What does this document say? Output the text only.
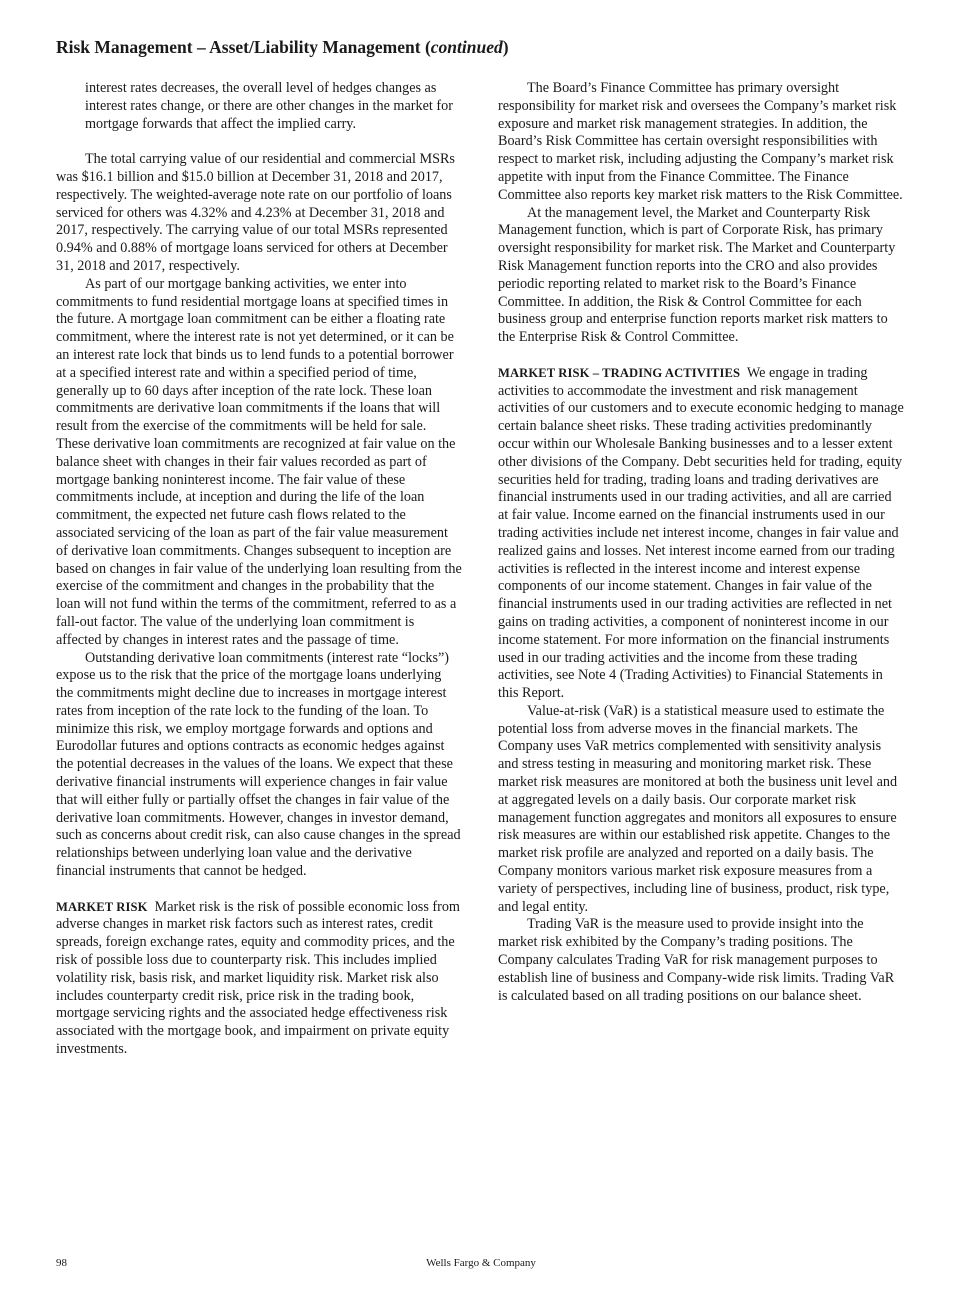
Risk Management – Asset/Liability Management (continued)

interest rates decreases, the overall level of hedges changes as interest rates change, or there are other changes in the market for mortgage forwards that affect the implied carry.

The total carrying value of our residential and commercial MSRs was $16.1 billion and $15.0 billion at December 31, 2018 and 2017, respectively. The weighted-average note rate on our portfolio of loans serviced for others was 4.32% and 4.23% at December 31, 2018 and 2017, respectively. The carrying value of our total MSRs represented 0.94% and 0.88% of mortgage loans serviced for others at December 31, 2018 and 2017, respectively.

As part of our mortgage banking activities, we enter into commitments to fund residential mortgage loans at specified times in the future. A mortgage loan commitment can be either a floating rate commitment, where the interest rate is not yet determined, or it can be an interest rate lock that binds us to lend funds to a potential borrower at a specified interest rate and within a specified period of time, generally up to 60 days after inception of the rate lock. These loan commitments are derivative loan commitments if the loans that will result from the exercise of the commitments will be held for sale. These derivative loan commitments are recognized at fair value on the balance sheet with changes in their fair values recorded as part of mortgage banking noninterest income. The fair value of these commitments include, at inception and during the life of the loan commitment, the expected net future cash flows related to the associated servicing of the loan as part of the fair value measurement of derivative loan commitments. Changes subsequent to inception are based on changes in fair value of the underlying loan resulting from the exercise of the commitment and changes in the probability that the loan will not fund within the terms of the commitment, referred to as a fall-out factor. The value of the underlying loan commitment is affected by changes in interest rates and the passage of time.

Outstanding derivative loan commitments (interest rate “locks”) expose us to the risk that the price of the mortgage loans underlying the commitments might decline due to increases in mortgage interest rates from inception of the rate lock to the funding of the loan. To minimize this risk, we employ mortgage forwards and options and Eurodollar futures and options contracts as economic hedges against the potential decreases in the values of the loans. We expect that these derivative financial instruments will experience changes in fair value that will either fully or partially offset the changes in fair value of the derivative loan commitments. However, changes in investor demand, such as concerns about credit risk, can also cause changes in the spread relationships between underlying loan value and the derivative financial instruments that cannot be hedged.

MARKET RISK Market risk is the risk of possible economic loss from adverse changes in market risk factors such as interest rates, credit spreads, foreign exchange rates, equity and commodity prices, and the risk of possible loss due to counterparty risk. This includes implied volatility risk, basis risk, and market liquidity risk. Market risk also includes counterparty credit risk, price risk in the trading book, mortgage servicing rights and the associated hedge effectiveness risk associated with the mortgage book, and impairment on private equity investments.

The Board’s Finance Committee has primary oversight responsibility for market risk and oversees the Company’s market risk exposure and market risk management strategies. In addition, the Board’s Risk Committee has certain oversight responsibilities with respect to market risk, including adjusting the Company’s market risk appetite with input from the Finance Committee. The Finance Committee also reports key market risk matters to the Risk Committee.

At the management level, the Market and Counterparty Risk Management function, which is part of Corporate Risk, has primary oversight responsibility for market risk. The Market and Counterparty Risk Management function reports into the CRO and also provides periodic reporting related to market risk to the Board’s Finance Committee. In addition, the Risk & Control Committee for each business group and enterprise function reports market risk matters to the Enterprise Risk & Control Committee.

MARKET RISK – TRADING ACTIVITIES We engage in trading activities to accommodate the investment and risk management activities of our customers and to execute economic hedging to manage certain balance sheet risks. These trading activities predominantly occur within our Wholesale Banking businesses and to a lesser extent other divisions of the Company. Debt securities held for trading, equity securities held for trading, trading loans and trading derivatives are financial instruments used in our trading activities, and all are carried at fair value. Income earned on the financial instruments used in our trading activities include net interest income, changes in fair value and realized gains and losses. Net interest income earned from our trading activities is reflected in the interest income and interest expense components of our income statement. Changes in fair value of the financial instruments used in our trading activities are reflected in net gains on trading activities, a component of noninterest income in our income statement. For more information on the financial instruments used in our trading activities and the income from these trading activities, see Note 4 (Trading Activities) to Financial Statements in this Report.

Value-at-risk (VaR) is a statistical measure used to estimate the potential loss from adverse moves in the financial markets. The Company uses VaR metrics complemented with sensitivity analysis and stress testing in measuring and monitoring market risk. These market risk measures are monitored at both the business unit level and at aggregated levels on a daily basis. Our corporate market risk management function aggregates and monitors all exposures to ensure risk measures are within our established risk appetite. Changes to the market risk profile are analyzed and reported on a daily basis. The Company monitors various market risk exposure measures from a variety of perspectives, including line of business, product, risk type, and legal entity.

Trading VaR is the measure used to provide insight into the market risk exhibited by the Company’s trading positions. The Company calculates Trading VaR for risk management purposes to establish line of business and Company-wide risk limits. Trading VaR is calculated based on all trading positions on our balance sheet.

98	Wells Fargo & Company
